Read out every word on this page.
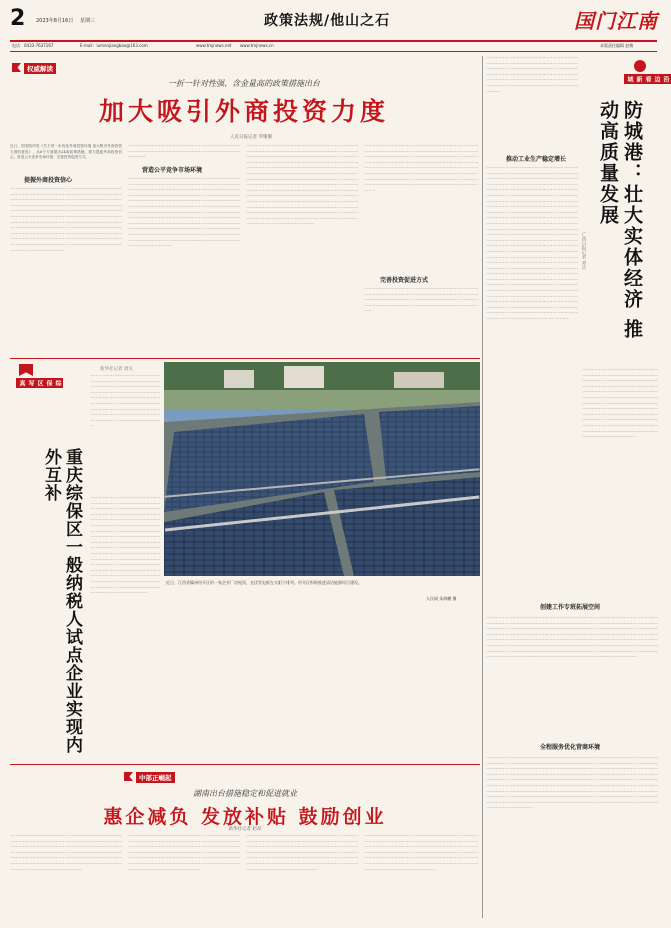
2 2023年8月16日 星期三	政策法规/他山之石	国门江南
电话：0433-7637167	E-mail：lumenjiangbao@163.com	www.tmjnews.net www.tmjnews.cn	本版责任编辑 赵梅
权威解读
一折一针对性强、含金量高的政策措施出台
加大吸引外商投资力度
人民日报记者 罗珊珊
近日，国务院印发《关于进一步优化外商投资环境 加大吸引外商投资力度的意见》，从6个方面提出24条政策措施，着力提振外商投资信心，营造公平竞争市场环境，完善投资促进方式。
提振外商投资信心
一一一一一一一一一一一一一一一一一一一一一一一一一一一一一一一一一一一一一一一一一一一一一一一一一一一一一一一一一一一一一一一一一一一一一一一一一一一一一一一一一一一一一一一一一一一一一一一一一一一一一一一一一一一一一一一一一一一一一一一一一一一一一一一一一一一一一一一一一一一一一一一一一一一一一一一一一一一一一一一一一一一一一一一一一一一一一一一一一一一一一一一一一一一一一一一一一一一一一一一一一一一一一一一一一一一一一一一一一一一一一一一一一一一一一一一一一一一一一一一一一一一一一一一一一一一一一一一一一一一一一一一一一一一一一一一一一一一一一一一一一一一一一一一一一一一一一一一一一一一一一一一一一一一一一一一一一一一一一一一一一一一一一一一一一一一一一一一一一一一一一一一一一一一一一一一一一一一一
一一一一一一一一一一一一一一一一一一一一一一一一一一一一一一一一一一一一一一一一一一一一一一一一一一一一一一一一一一一一一一一一一一一
营造公平竞争市场环境
一一一一一一一一一一一一一一一一一一一一一一一一一一一一一一一一一一一一一一一一一一一一一一一一一一一一一一一一一一一一一一一一一一一一一一一一一一一一一一一一一一一一一一一一一一一一一一一一一一一一一一一一一一一一一一一一一一一一一一一一一一一一一一一一一一一一一一一一一一一一一一一一一一一一一一一一一一一一一一一一一一一一一一一一一一一一一一一一一一一一一一一一一一一一一一一一一一一一一一一一一一一一一一一一一一一一一一一一一一一一一一一一一一一一一一一一一一一一一一一一一一一一一一一一一一一一一一一一一一一一一一一一一一一一一一一一一一一一一一一一一一一一一一一一一一一一一一一一一一一一一一一一一一一一一一一一一一一一一一一一一一一一一一一一一一一一一一一一一一一一一一一一一一一一一一一一一一一一一一一一一一一一一一一一一一一一一一一一一一一一一一一一
一一一一一一一一一一一一一一一一一一一一一一一一一一一一一一一一一一一一一一一一一一一一一一一一一一一一一一一一一一一一一一一一一一一一一一一一一一一一一一一一一一一一一一一一一一一一一一一一一一一一一一一一一一一一一一一一一一一一一一一一一一一一一一一一一一一一一一一一一一一一一一一一一一一一一一一一一一一一一一一一一一一一一一一一一一一一一一一一一一一一一一一一一一一一一一一一一一一一一一一一一一一一一一一一一一一一一一一一一一一一一一一一一一一一一一一一一一一一一一一一一一一一一一一一一一一一一一一一一一一一一一一一一一一一一一一一一一一一一一一一一一一一一一一一一一一一一一一一一一一一一一一一一一一一一一一一一一一一一一一一一一一一一一一一一一一一一一一一一一一一一一一一一一一一一一一一一一一一一一一一一一一一一一一一一一一一一一一一一一一一一一一一一一一一一一一一一一一一一一一一一一一一一一一一一一一一一一一一一一一一一一一一一一一一一一一一一一一一一一一一一一一一一一一一一一一一一
一一一一一一一一一一一一一一一一一一一一一一一一一一一一一一一一一一一一一一一一一一一一一一一一一一一一一一一一一一一一一一一一一一一一一一一一一一一一一一一一一一一一一一一一一一一一一一一一一一一一一一一一一一一一一一一一一一一一一一一一一一一一一一一一一一一一一一一一一一一一一一一一一一一一一一一一一一一一一一一一一一一一一一一一一一一一一一一一一一一一一一一一一一一一一一一一一一一一一一一一一一一一一一一一一一一一一一一一一一一一一一一一一一一一一一一一一一一一一一一一一一一一一一一一一一一
完善投资促进方式
一一一一一一一一一一一一一一一一一一一一一一一一一一一一一一一一一一一一一一一一一一一一一一一一一一一一一一一一一一一一一一一一一一一一一一一一一一一一一一一一一一一一一一一一一一一一一一一一一一一一一一一一一一一一一一一一一一一一一一一一一一一一一一
沿边看新城
防城港：壮大实体经济 推动高质量发展
广西日报记者 邓庆
一一一一一一一一一一一一一一一一一一一一一一一一一一一一一一一一一一一一一一一一一一一一一一一一一一一一一一一一一一一一一一一一一一一一一一一一一一一一一一一一一一一一一一一一一一一一一一一一一一一一一一一一一一一一一一一一一一一一一一一一一一一一一一一一一一一一一一一一一一一一一一一一一一一一一一一一一一
推动工业生产稳定增长
一一一一一一一一一一一一一一一一一一一一一一一一一一一一一一一一一一一一一一一一一一一一一一一一一一一一一一一一一一一一一一一一一一一一一一一一一一一一一一一一一一一一一一一一一一一一一一一一一一一一一一一一一一一一一一一一一一一一一一一一一一一一一一一一一一一一一一一一一一一一一一一一一一一一一一一一一一一一一一一一一一一一一一一一一一一一一一一一一一一一一一一一一一一一一一一一一一一一一一一一一一一一一一一一一一一一一一一一一一一一一一一一一一一一一一一一一一一一一一一一一一一一一一一一一一一一一一一一一一一一一一一一一一一一一一一一一一一一一一一一一一一一一一一一一一一一一一一一一一一一一一一一一一一一一一一一一一一一一一一一一一一一一一一一一一一一一一一一一一一一一一一一一一一一一一一一一一一一一一一一一一一一一一一一一一一一一一一一一一一一一一一一一一一一一一一一一一一一一一一一一一一一一一一一一一一一一一一一一一一一一一一一一一一一一一一一一一一一一一一一一一一一一一一一一一一一一一一一一一一一一一一一一一一一一一一一一一一一一一一一一一一一一一一一一一一一一一一一一一一一一一一一一一一一一一一一一一一一一一一一一一一一一一一一一一一一一一一一一一一一一一一一一一一一一一一一一一一一一一一一一一一一一一一一一一一一一一一一一一一一一一一一一一一一一一一一一一一一一一一一一一一一一一一一一一一一一一一一一一一一一一一一一一一一一一一一一一一一一一一一一一一一一一一一一一一一一一一一一一一一一一一一一一一一一一一一一一一一一一一一一一一一一一一一一一一一一一一一一一
一一一一一一一一一一一一一一一一一一一一一一一一一一一一一一一一一一一一一一一一一一一一一一一一一一一一一一一一一一一一一一一一一一一一一一一一一一一一一一一一一一一一一一一一一一一一一一一一一一一一一一一一一一一一一一一一一一一一一一一一一一一一一一一一一一一一一一一一一一一一一一一一一一一一一一一一一一一一一一一一一一一一一一一一一一一一一一一一一一一一一一一一一一一一一一一一一一一一一一一一一一一一一一一一一一一一一一一一一一一一一一一一一一一一一一一一一一一一一一一一一一一一一一一一一一一一一一一一一一一一一一一一一一一
创建工作专班拓展空间
一一一一一一一一一一一一一一一一一一一一一一一一一一一一一一一一一一一一一一一一一一一一一一一一一一一一一一一一一一一一一一一一一一一一一一一一一一一一一一一一一一一一一一一一一一一一一一一一一一一一一一一一一一一一一一一一一一一一一一一一一一一一一一一一一一一一一一一一一一一一一一一一一一一一一一一一一一一一一一一一一一一一一一一一一一一一一一一一一一一一一一一一一一一一一一一一一一一一一一一一一一一一一一一一一一一一一一一一一一一一一一一一一一一一一一一一一一一一一一一一一一一一一一一一一一一一一一一一一一一一一一一一一一一一一一一一一一一一一一一一一一一一一一一一一一一一一一一一一一一一一一一一一一一一一一一一一一一一一一一一一一一一一一一一一一一一一一一一一一一一一一一一一一一一一一一一一一一一一一一一一一一一一一一一一一一
全程服务优化营商环境
一一一一一一一一一一一一一一一一一一一一一一一一一一一一一一一一一一一一一一一一一一一一一一一一一一一一一一一一一一一一一一一一一一一一一一一一一一一一一一一一一一一一一一一一一一一一一一一一一一一一一一一一一一一一一一一一一一一一一一一一一一一一一一一一一一一一一一一一一一一一一一一一一一一一一一一一一一一一一一一一一一一一一一一一一一一一一一一一一一一一一一一一一一一一一一一一一一一一一一一一一一一一一一一一一一一一一一一一一一一一一一一一一一一一一一一一一一一一一一一一一一一一一一一一一一一一一一一一一一一一一一一一一一一一一一一一一一一一一一一一一一一一一一一一一一一一一一一一一一一一一一一一一一一一一一一一一一一一一一一一一一一一一一一一一一一一一一一一一一一一一一一一一一一一一一一一一一一一一一一一一一一一一一一一一一一一一一一一一一一一一一一一一一一一一一一一一一一一一一一一一一一一一一一一一一一一一一一一一一一一一一一一一一一一一一一一一一一一
综保区写真
重庆综保区一般纳税人试点企业实现内外互补
新华社记者 周凡
一一一一一一一一一一一一一一一一一一一一一一一一一一一一一一一一一一一一一一一一一一一一一一一一一一一一一一一一一一一一一一一一一一一一一一一一一一一一一一一一一一一一一一一一一一一一一一一一一一一一一一一一一一一一一一一一一一一一一一一一一一一一一一一一一一一一一一一一一一一一一一一一一一一一一一一一一一一一一一一一一一一一一一一一一一一一
一一一一一一一一一一一一一一一一一一一一一一一一一一一一一一一一一一一一一一一一一一一一一一一一一一一一一一一一一一一一一一一一一一一一一一一一一一一一一一一一一一一一一一一一一一一一一一一一一一一一一一一一一一一一一一一一一一一一一一一一一一一一一一一一一一一一一一一一一一一一一一一一一一一一一一一一一一一一一一一一一一一一一一一一一一一一一一一一一一一一一一一一一一一一一一一一一一一一一一一一一一一一一一一一一一一一一一一一一一一一一一一一一一一一一一一一一一一一一一一一一一一一一一一一一一一一一一一一一一一一一一一一一一一一一一一一一一一一一一一一一一一一一一一一一一一一一一一一一一一一一一一一一一一一一一一一一一一一一一一一一一一一一一一一一一一一一一一一一一一
近日，江西省赣州经开区的一家企业厂房屋顶，光伏发电板在太阳下排列。经开区积极推进清洁能源项目建设。
人民网 朱海鹏 摄
中部正崛起
湖南出台措施稳定和促进就业
惠企减负 发放补贴 鼓励创业
新华社记者 赵昂
一一一一一一一一一一一一一一一一一一一一一一一一一一一一一一一一一一一一一一一一一一一一一一一一一一一一一一一一一一一一一一一一一一一一一一一一一一一一一一一一一一一一一一一一一一一一一一一一一一一一一一一一一一一一一一一一一一一一一一一一一一一一一一一一一一一一一一一一一一一一一一一一一一一一一一一一一一一一一一一一一一一一一一一一一一一一一一一一一一一一一一一一一一一一一一一一一一一一一一一一一一一一一一
一一一一一一一一一一一一一一一一一一一一一一一一一一一一一一一一一一一一一一一一一一一一一一一一一一一一一一一一一一一一一一一一一一一一一一一一一一一一一一一一一一一一一一一一一一一一一一一一一一一一一一一一一一一一一一一一一一一一一一一一一一一一一一一一一一一一一一一一一一一一一一一一一一一一一一一一一一一一一一一一一一一一一一一一一一一一一一一一一一一一一一一一一一一一一一一一一一一一一一一一一一一一一一
一一一一一一一一一一一一一一一一一一一一一一一一一一一一一一一一一一一一一一一一一一一一一一一一一一一一一一一一一一一一一一一一一一一一一一一一一一一一一一一一一一一一一一一一一一一一一一一一一一一一一一一一一一一一一一一一一一一一一一一一一一一一一一一一一一一一一一一一一一一一一一一一一一一一一一一一一一一一一一一一一一一一一一一一一一一一一一一一一一一一一一一一一一一一一一一一一一一一一一一一一一一一一一
一一一一一一一一一一一一一一一一一一一一一一一一一一一一一一一一一一一一一一一一一一一一一一一一一一一一一一一一一一一一一一一一一一一一一一一一一一一一一一一一一一一一一一一一一一一一一一一一一一一一一一一一一一一一一一一一一一一一一一一一一一一一一一一一一一一一一一一一一一一一一一一一一一一一一一一一一一一一一一一一一一一一一一一一一一一一一一一一一一一一一一一一一一一一一一一一一一一一一一一一一一一一一一
